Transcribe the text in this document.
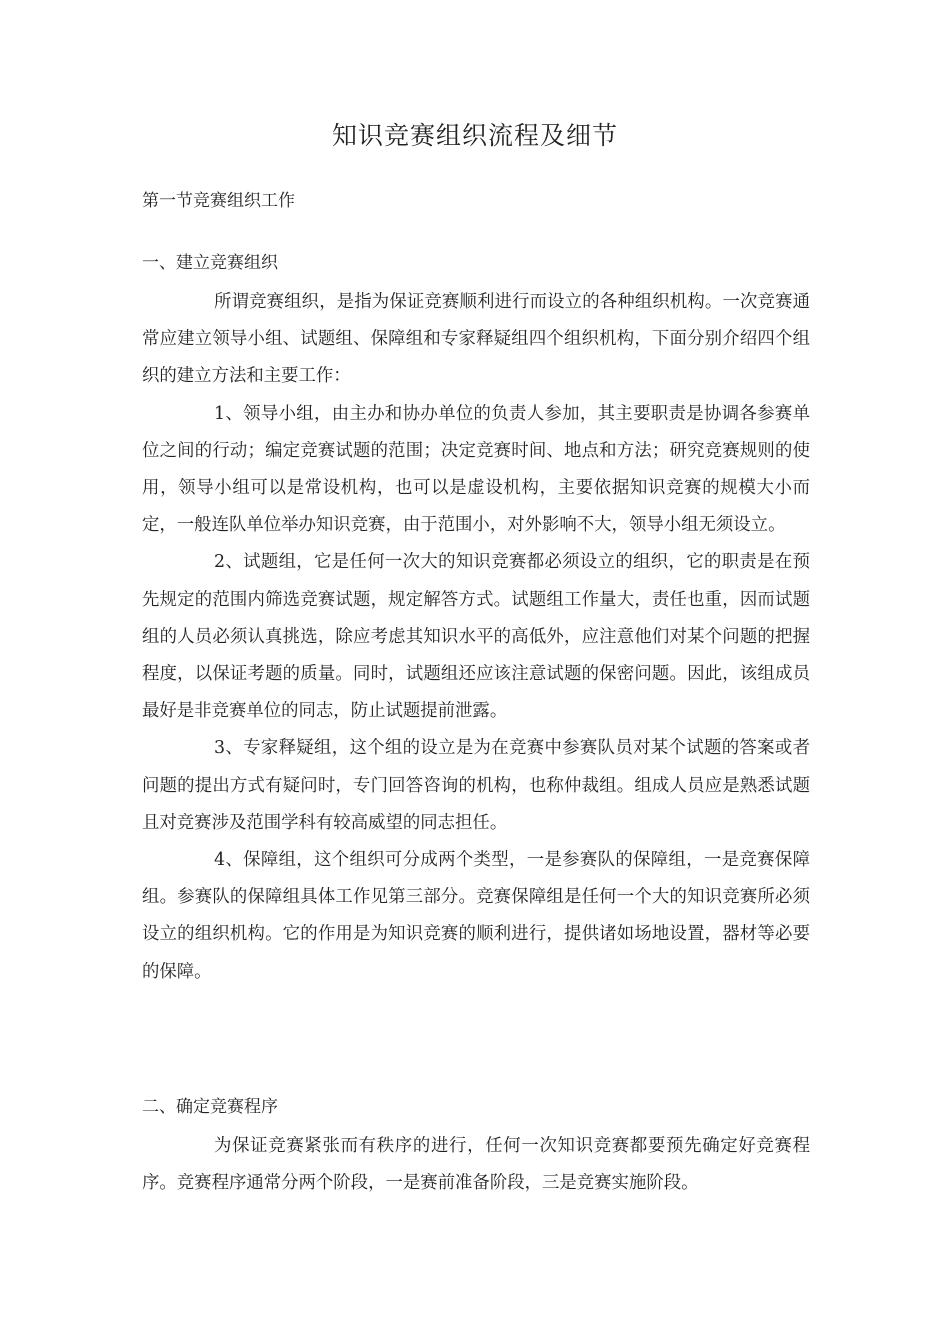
知识竞赛组织流程及细节
第一节竞赛组织工作
一、建立竞赛组织

所谓竞赛组织，是指为保证竞赛顺利进行而设立的各种组织机构。一次竞赛通常应建立领导小组、试题组、保障组和专家释疑组四个组织机构，下面分别介绍四个组织的建立方法和主要工作：

1、领导小组，由主办和协办单位的负责人参加，其主要职责是协调各参赛单位之间的行动；编定竞赛试题的范围；决定竞赛时间、地点和方法；研究竞赛规则的使用，领导小组可以是常设机构，也可以是虚设机构，主要依据知识竞赛的规模大小而定，一般连队单位举办知识竞赛，由于范围小，对外影响不大，领导小组无须设立。

2、试题组，它是任何一次大的知识竞赛都必须设立的组织，它的职责是在预先规定的范围内筛选竞赛试题，规定解答方式。试题组工作量大，责任也重，因而试题组的人员必须认真挑选，除应考虑其知识水平的高低外，应注意他们对某个问题的把握程度，以保证考题的质量。同时，试题组还应该注意试题的保密问题。因此，该组成员最好是非竞赛单位的同志，防止试题提前泄露。

3、专家释疑组，这个组的设立是为在竞赛中参赛队员对某个试题的答案或者问题的提出方式有疑问时，专门回答咨询的机构，也称仲裁组。组成人员应是熟悉试题且对竞赛涉及范围学科有较高威望的同志担任。

4、保障组，这个组织可分成两个类型，一是参赛队的保障组，一是竞赛保障组。参赛队的保障组具体工作见第三部分。竞赛保障组是任何一个大的知识竞赛所必须设立的组织机构。它的作用是为知识竞赛的顺利进行，提供诸如场地设置，器材等必要的保障。

二、确定竞赛程序

为保证竞赛紧张而有秩序的进行，任何一次知识竞赛都要预先确定好竞赛程序。竞赛程序通常分两个阶段，一是赛前准备阶段，三是竞赛实施阶段。
